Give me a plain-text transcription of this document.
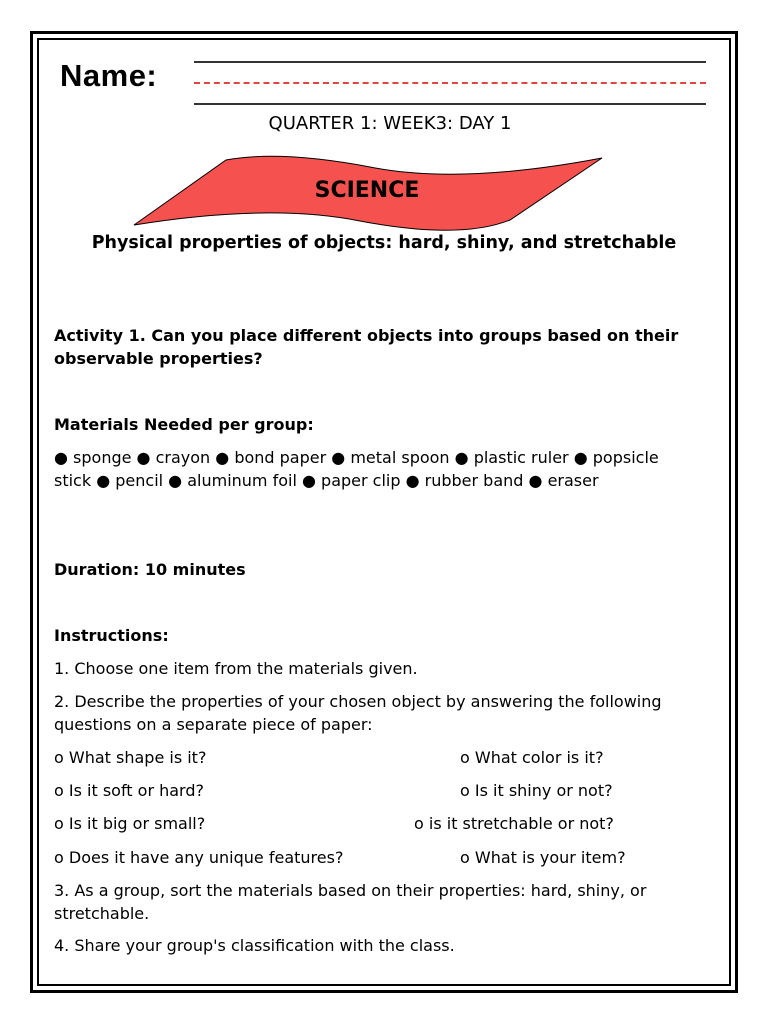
Name:
QUARTER 1: WEEK3: DAY 1
SCIENCE
Physical properties of objects: hard, shiny, and stretchable
Activity 1. Can you place different objects into groups based on their observable properties?
Materials Needed per group:
● sponge ● crayon ● bond paper ● metal spoon ● plastic ruler ● popsicle stick ● pencil ● aluminum foil ● paper clip ● rubber band ● eraser
Duration: 10 minutes
Instructions:
1. Choose one item from the materials given.
2. Describe the properties of your chosen object by answering the following questions on a separate piece of paper:
o What shape is it?	o What color is it?
o Is it soft or hard?	o Is it shiny or not?
o Is it big or small?	o is it stretchable or not?
o Does it have any unique features?	o What is your item?
3. As a group, sort the materials based on their properties: hard, shiny, or stretchable.
4. Share your group's classification with the class.
